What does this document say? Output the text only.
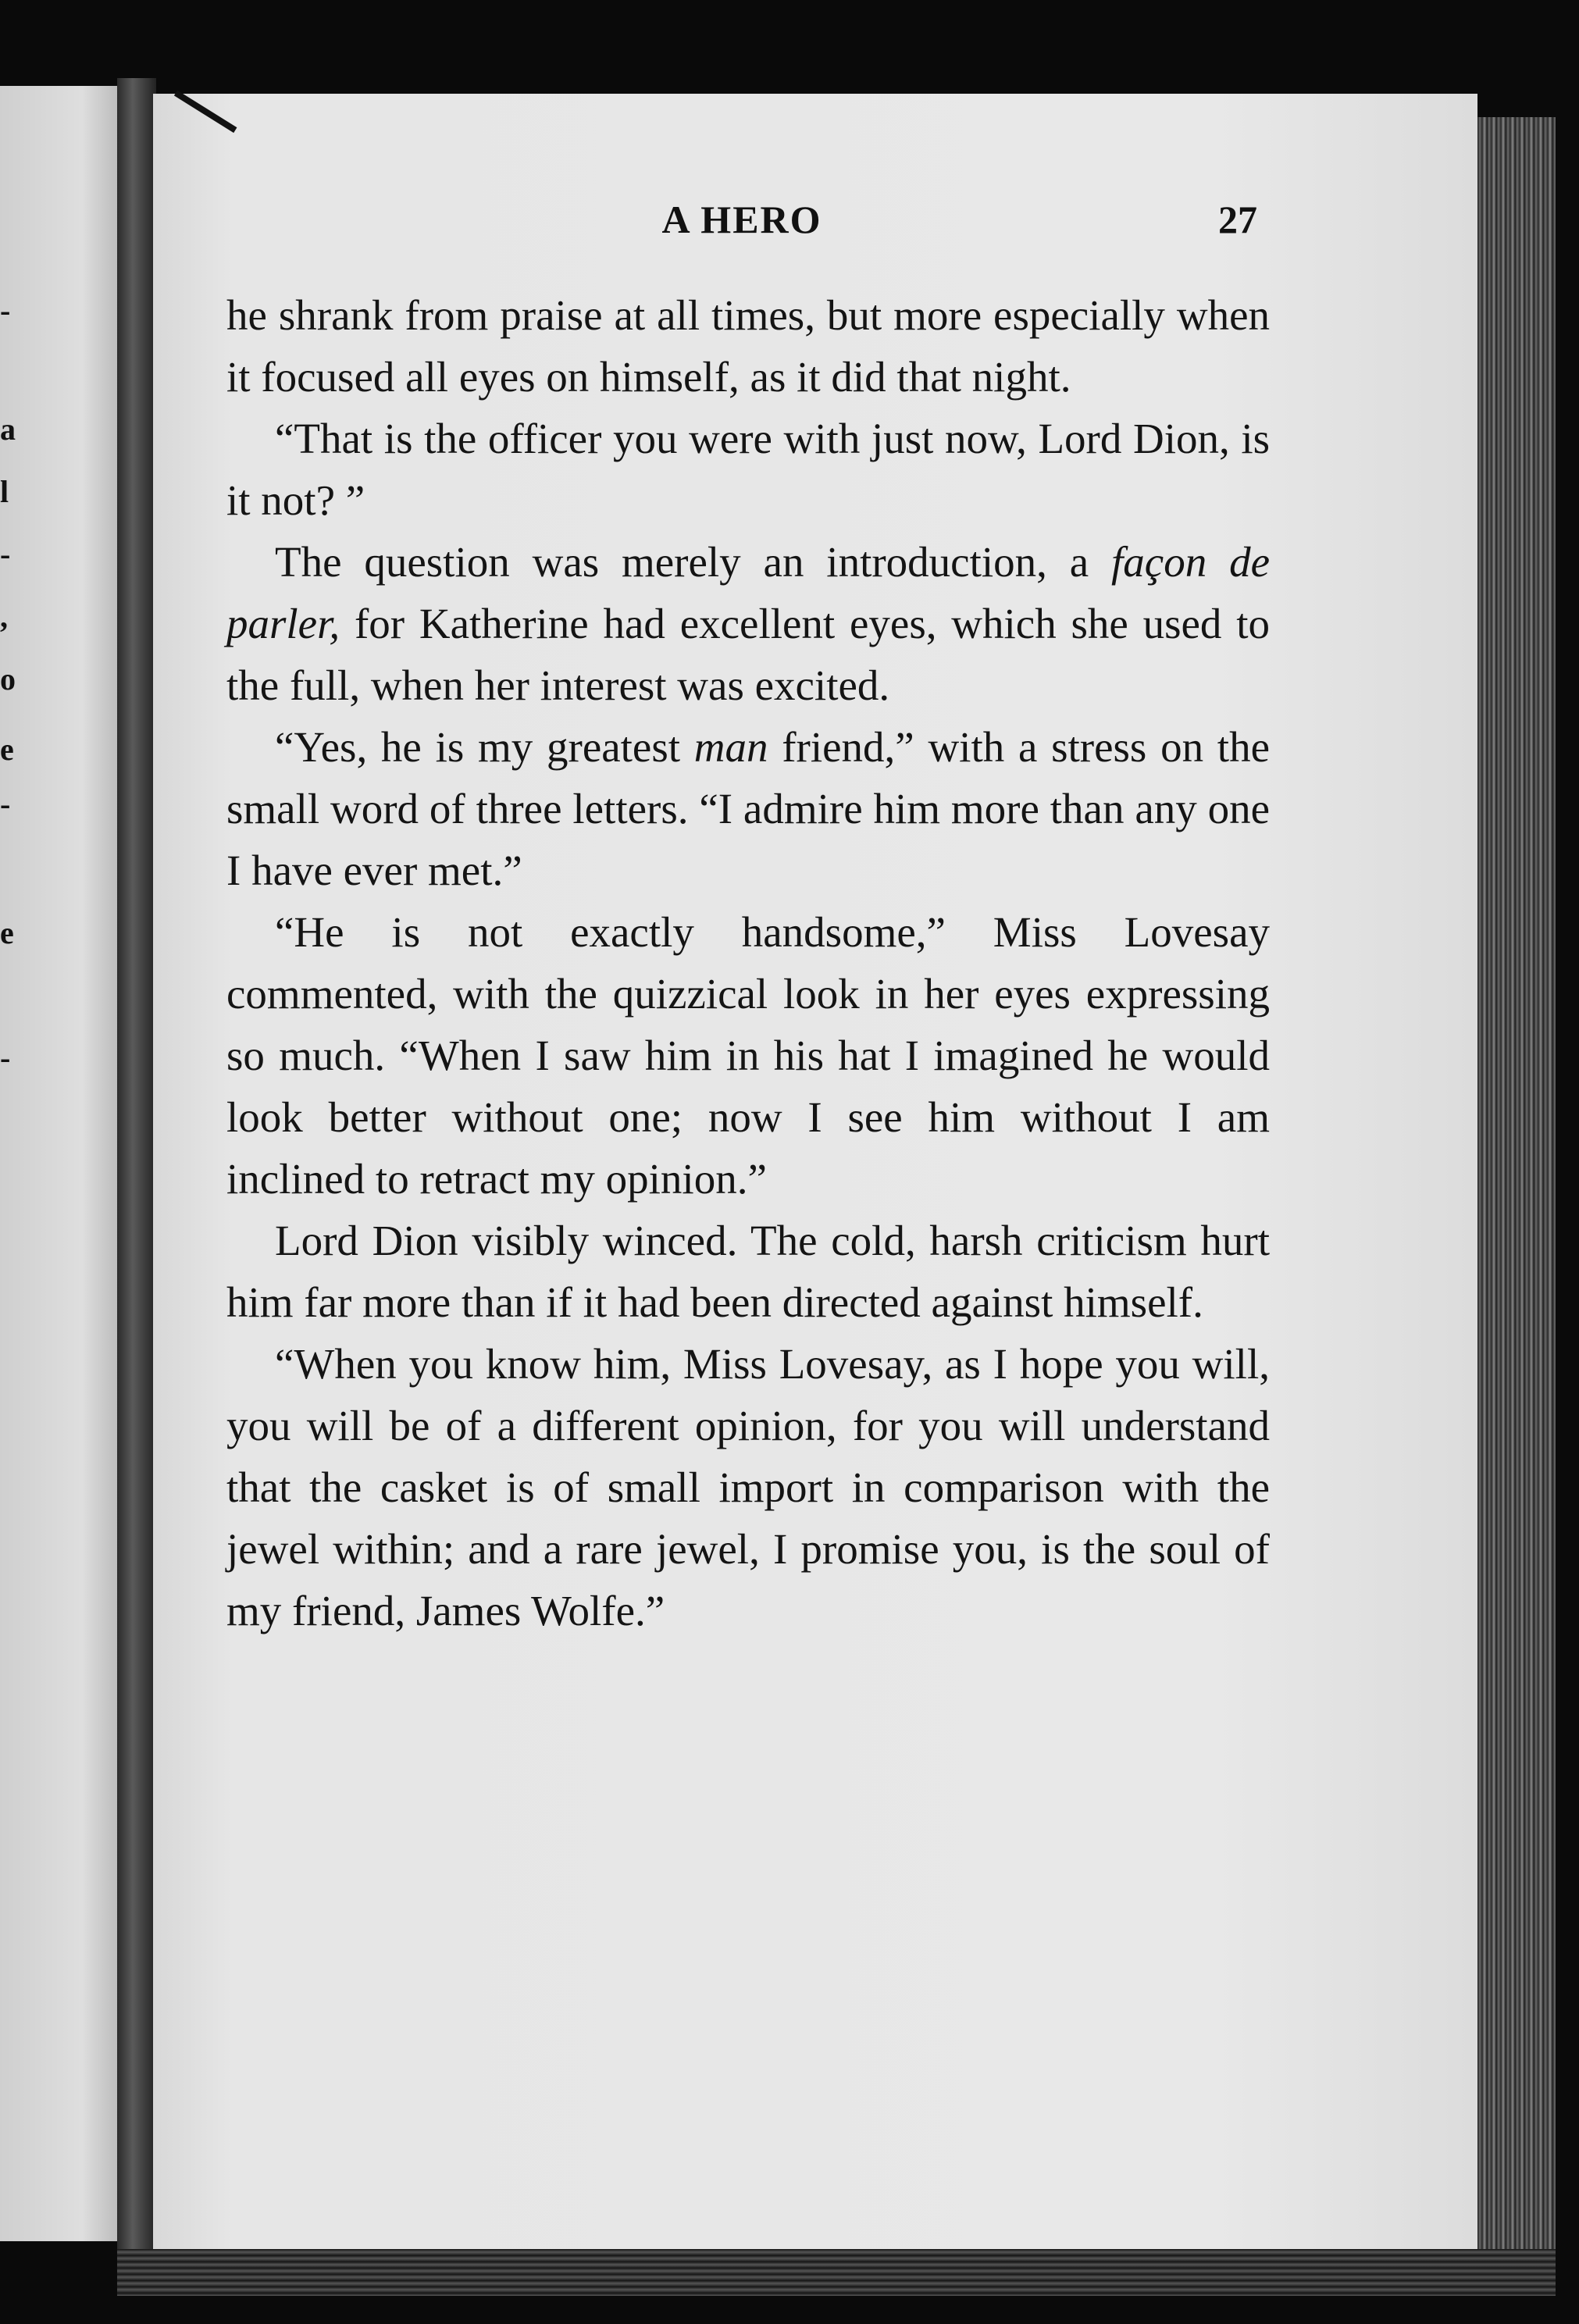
-
a
l
-
,
o
e
-
e
-
A HERO	27

he shrank from praise at all times, but more especially when it focused all eyes on himself, as it did that night.

“That is the officer you were with just now, Lord Dion, is it not? ”

The question was merely an introduction, a façon de parler, for Katherine had excellent eyes, which she used to the full, when her interest was excited.

“Yes, he is my greatest man friend,” with a stress on the small word of three letters. “I admire him more than any one I have ever met.”

“He is not exactly handsome,” Miss Lovesay commented, with the quizzical look in her eyes expressing so much. “When I saw him in his hat I imagined he would look better without one; now I see him without I am inclined to retract my opinion.”

Lord Dion visibly winced. The cold, harsh criticism hurt him far more than if it had been directed against himself.

“When you know him, Miss Lovesay, as I hope you will, you will be of a different opinion, for you will understand that the casket is of small import in comparison with the jewel within; and a rare jewel, I promise you, is the soul of my friend, James Wolfe.”
